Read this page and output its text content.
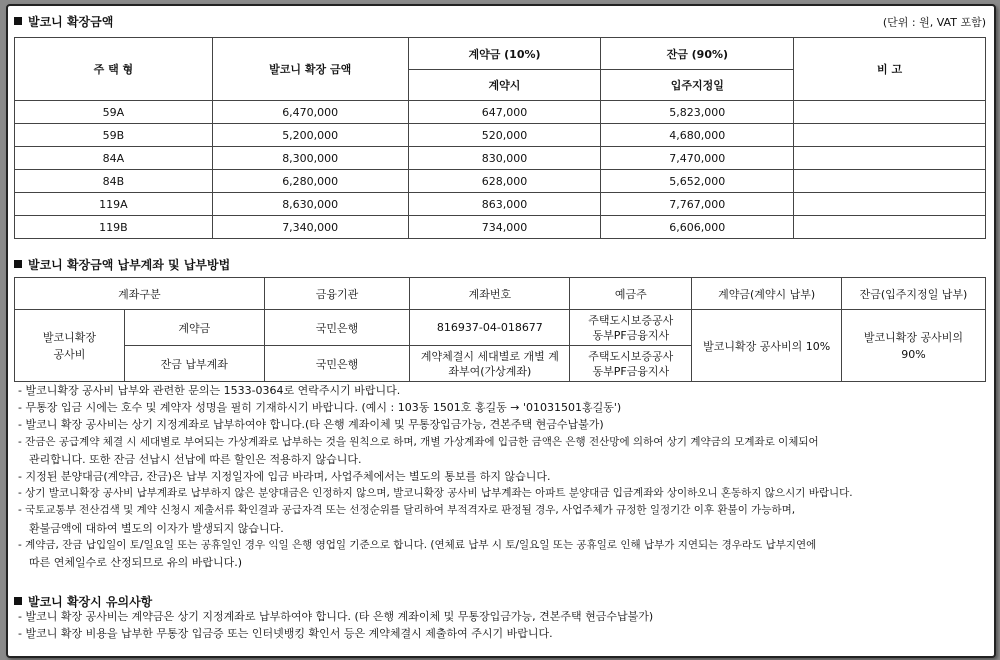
발코니 확장금액	(단위 : 원, VAT 포함)
주 택 형	발코니 확장 금액	계약금 (10%)	잔금 (90%)	비 고
		계약시	입주지정일	
59A	6,470,000	647,000	5,823,000	
59B	5,200,000	520,000	4,680,000	
84A	8,300,000	830,000	7,470,000	
84B	6,280,000	628,000	5,652,000	
119A	8,630,000	863,000	7,767,000	
119B	7,340,000	734,000	6,606,000	
발코니 확장금액 납부계좌 및 납부방법
계좌구분		금융기관	계좌번호	예금주	계약금(계약시 납부)	잔금(입주지정일 납부)

발코니확장 공사비	계약금	국민은행	816937-04-018677	주택도시보증공사 동부PF금융지사	발코니확장 공사비의 10%	발코니확장 공사비의 90%

	잔금 납부계좌	국민은행	계약체결시 세대별로 개별 계좌부여(가상계좌)	주택도시보증공사 동부PF금융지사		

- 발코니확장 공사비 납부와 관련한 문의는 1533-0364로 연락주시기 바랍니다.

- 무통장 입금 시에는 호수 및 계약자 성명을 필히 기재하시기 바랍니다. (예시 : 103동 1501호 홍길동 → '01031501홍길동')

- 발코니 확장 공사비는 상기 지정계좌로 납부하여야 합니다.(타 은행 계좌이체 및 무통장입금가능, 견본주택 현금수납불가)

- 잔금은 공급계약 체결 시 세대별로 부여되는 가상계좌로 납부하는 것을 원칙으로 하며, 개별 가상계좌에 입금한 금액은 은행 전산망에 의하여 상기 계약금의 모계좌로 이체되어

관리합니다. 또한 잔금 선납시 선납에 따른 할인은 적용하지 않습니다.

- 지정된 분양대금(계약금, 잔금)은 납부 지정일자에 입금 바라며, 사업주체에서는 별도의 통보를 하지 않습니다.

- 상기 발코니확장 공사비 납부계좌로 납부하지 않은 분양대금은 인정하지 않으며, 발코니확장 공사비 납부계좌는 아파트 분양대금 입금계좌와 상이하오니 혼동하지 않으시기 바랍니다.

- 국토교통부 전산검색 및 계약 신청시 제출서류 확인결과 공급자격 또는 선정순위를 달리하여 부적격자로 판정될 경우, 사업주체가 규정한 일정기간 이후 환불이 가능하며,

환불금액에 대하여 별도의 이자가 발생되지 않습니다.

- 계약금, 잔금 납입일이 토/일요일 또는 공휴일인 경우 익일 은행 영업일 기준으로 합니다. (연체료 납부 시 토/일요일 또는 공휴일로 인해 납부가 지연되는 경우라도 납부지연에

따른 연체일수로 산정되므로 유의 바랍니다.)

발코니 확장시 유의사항

- 발코니 확장 공사비는 계약금은 상기 지정계좌로 납부하여야 합니다. (타 은행 계좌이체 및 무통장입금가능, 견본주택 현금수납불가)

- 발코니 확장 비용을 납부한 무통장 입금증 또는 인터넷뱅킹 확인서 등은 계약체결시 제출하여 주시기 바랍니다.
